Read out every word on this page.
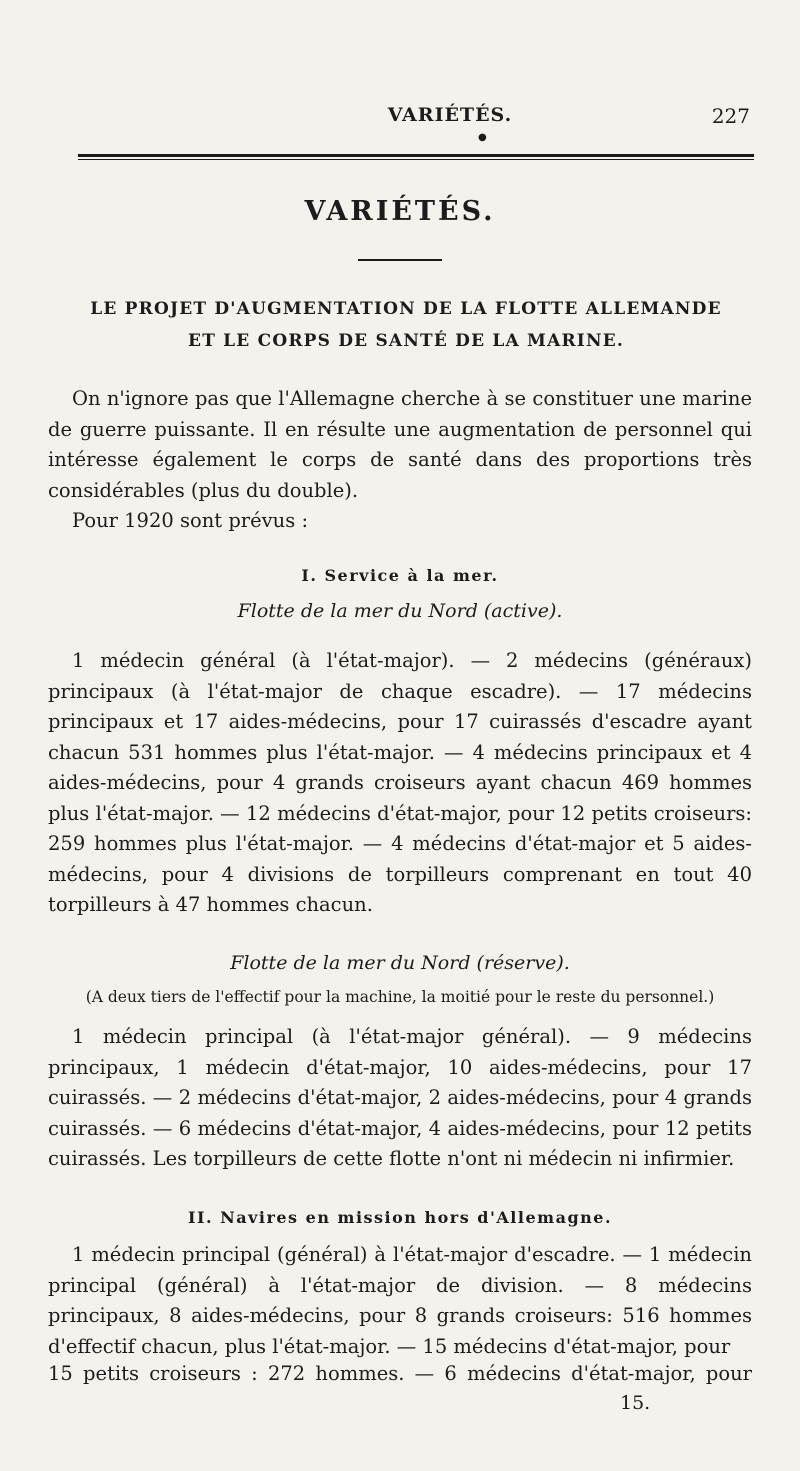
VARIÉTÉS.	227
●
VARIÉTÉS.
LE PROJET D'AUGMENTATION DE LA FLOTTE ALLEMANDE
ET LE CORPS DE SANTÉ DE LA MARINE.

On n'ignore pas que l'Allemagne cherche à se constituer une marine de guerre puissante. Il en résulte une augmentation de personnel qui intéresse également le corps de santé dans des proportions très considérables (plus du double).

Pour 1920 sont prévus :

I. Service à la mer.
Flotte de la mer du Nord (active).

1 médecin général (à l'état-major). — 2 médecins (généraux) principaux (à l'état-major de chaque escadre). — 17 médecins principaux et 17 aides-médecins, pour 17 cuirassés d'escadre ayant chacun 531 hommes plus l'état-major. — 4 médecins principaux et 4 aides-médecins, pour 4 grands croiseurs ayant chacun 469 hommes plus l'état-major. — 12 médecins d'état-major, pour 12 petits croiseurs: 259 hommes plus l'état-major. — 4 médecins d'état-major et 5 aides-médecins, pour 4 divisions de torpilleurs comprenant en tout 40 torpilleurs à 47 hommes chacun.

Flotte de la mer du Nord (réserve).
(A deux tiers de l'effectif pour la machine, la moitié pour le reste du personnel.)

1 médecin principal (à l'état-major général). — 9 médecins principaux, 1 médecin d'état-major, 10 aides-médecins, pour 17 cuirassés. — 2 médecins d'état-major, 2 aides-médecins, pour 4 grands cuirassés. — 6 médecins d'état-major, 4 aides-médecins, pour 12 petits cuirassés. Les torpilleurs de cette flotte n'ont ni médecin ni infirmier.

II. Navires en mission hors d'Allemagne.

1 médecin principal (général) à l'état-major d'escadre. — 1 médecin principal (général) à l'état-major de division. — 8 médecins principaux, 8 aides-médecins, pour 8 grands croiseurs: 516 hommes d'effectif chacun, plus l'état-major. — 15 médecins d'état-major, pour

15 petits croiseurs : 272 hommes. — 6 médecins d'état-major, pour
15.
